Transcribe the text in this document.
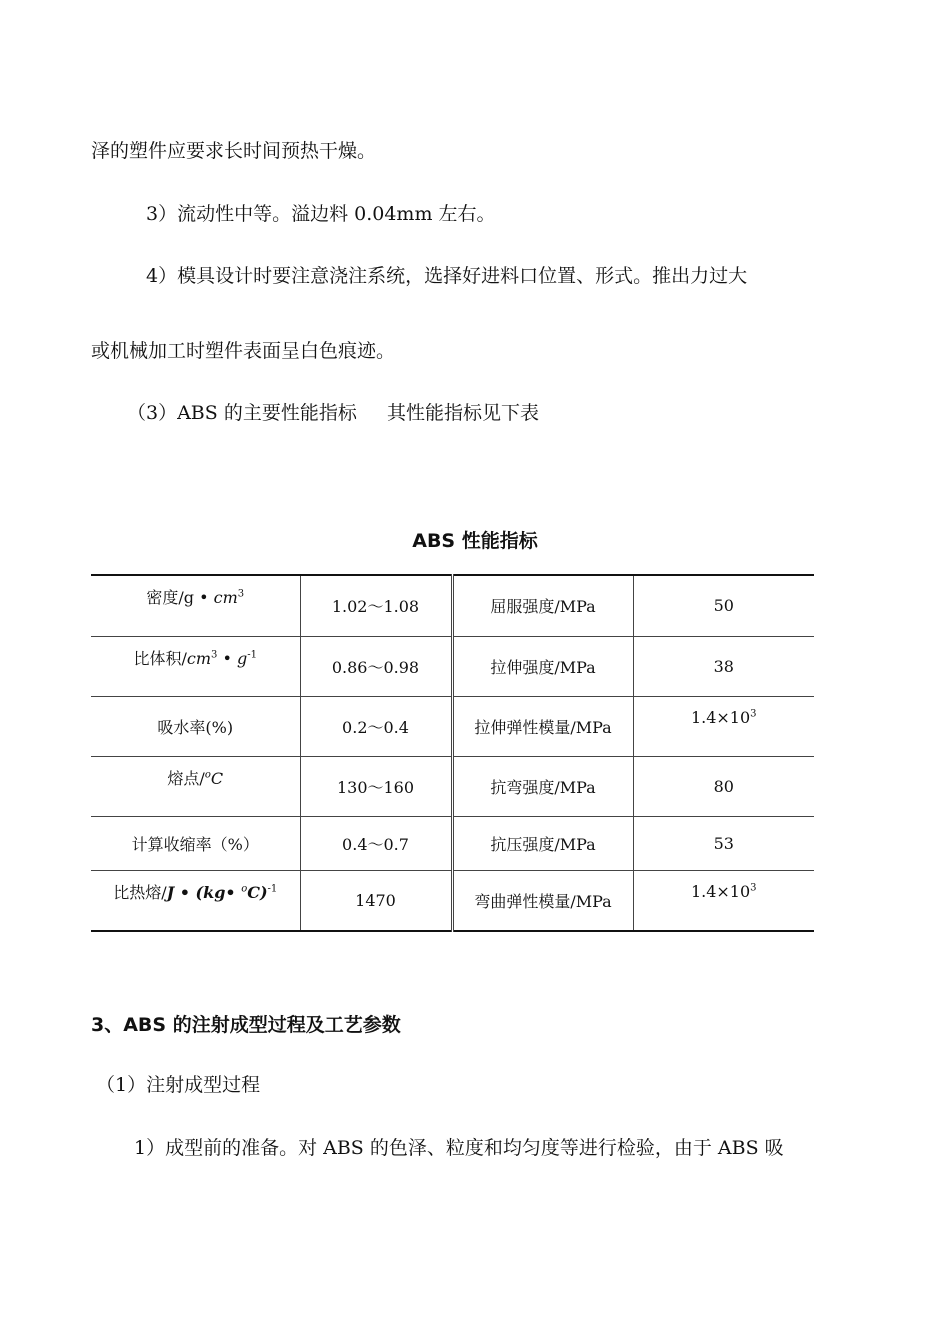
泽的塑件应要求长时间预热干燥。
3）流动性中等。溢边料 0.04mm 左右。
4）模具设计时要注意浇注系统，选择好进料口位置、形式。推出力过大
或机械加工时塑件表面呈白色痕迹。
（3）ABS 的主要性能指标     其性能指标见下表
ABS 性能指标
密度/g • $cm^3$	1.02～1.08	屈服强度/MPa	50
比体积$/cm^3$ • $g^{-1}$	0.86～0.98	拉伸强度/MPa	38
吸水率(%)	0.2～0.4	拉伸弹性模量/MPa	$1.4\times 10^3$
熔点/$^o$C	130～160	抗弯强度/MPa	80
计算收缩率（%）	0.4～0.7	抗压强度/MPa	53
比热熔/J • (kg• $^o$C)$^{-1}$	1470	弯曲弹性模量/MPa	$1.4\times 10^3$
3、ABS 的注射成型过程及工艺参数
（1）注射成型过程
1）成型前的准备。对 ABS 的色泽、粒度和均匀度等进行检验，由于 ABS 吸
